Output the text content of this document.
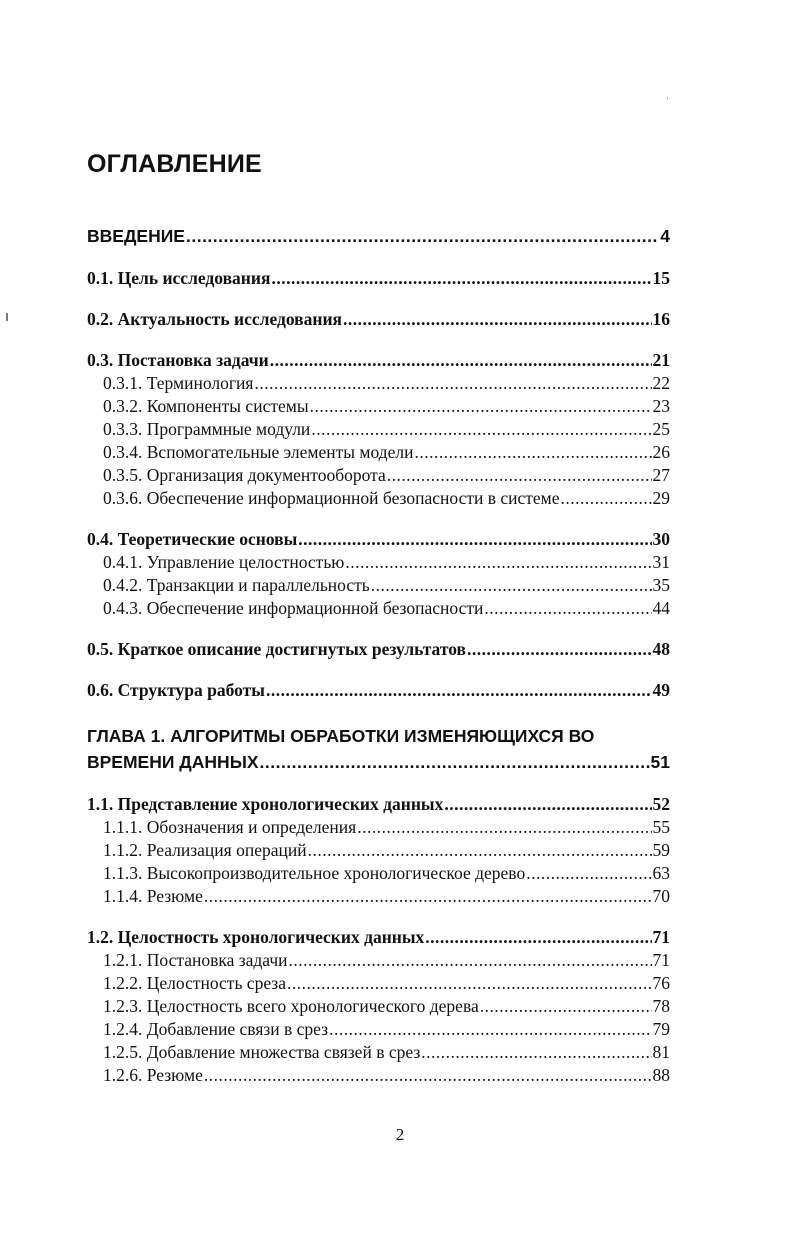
ОГЛАВЛЕНИЕ
ВВЕДЕНИЕ .....	4
0.1. Цель исследования .....	15
0.2. Актуальность исследования .....	16
0.3. Постановка задачи .....	21
0.3.1. Терминология .....	22
0.3.2. Компоненты системы .....	23
0.3.3. Программные модули .....	25
0.3.4. Вспомогательные элементы модели .....	26
0.3.5. Организация документооборота .....	27
0.3.6. Обеспечение информационной безопасности в системе .....	29
0.4. Теоретические основы .....	30
0.4.1. Управление целостностью .....	31
0.4.2. Транзакции и параллельность .....	35
0.4.3. Обеспечение информационной безопасности .....	44
0.5. Краткое описание достигнутых результатов .....	48
0.6. Структура работы .....	49
ГЛАВА 1. АЛГОРИТМЫ ОБРАБОТКИ ИЗМЕНЯЮЩИХСЯ ВО
ВРЕМЕНИ ДАННЫХ .....	51
1.1. Представление хронологических данных .....	52
1.1.1. Обозначения и определения .....	55
1.1.2. Реализация операций .....	59
1.1.3. Высокопроизводительное хронологическое дерево .....	63
1.1.4. Резюме .....	70
1.2. Целостность хронологических данных .....	71
1.2.1. Постановка задачи .....	71
1.2.2. Целостность среза .....	76
1.2.3. Целостность всего хронологического дерева .....	78
1.2.4. Добавление связи в срез .....	79
1.2.5. Добавление множества связей в срез .....	81
1.2.6. Резюме .....	88
2
